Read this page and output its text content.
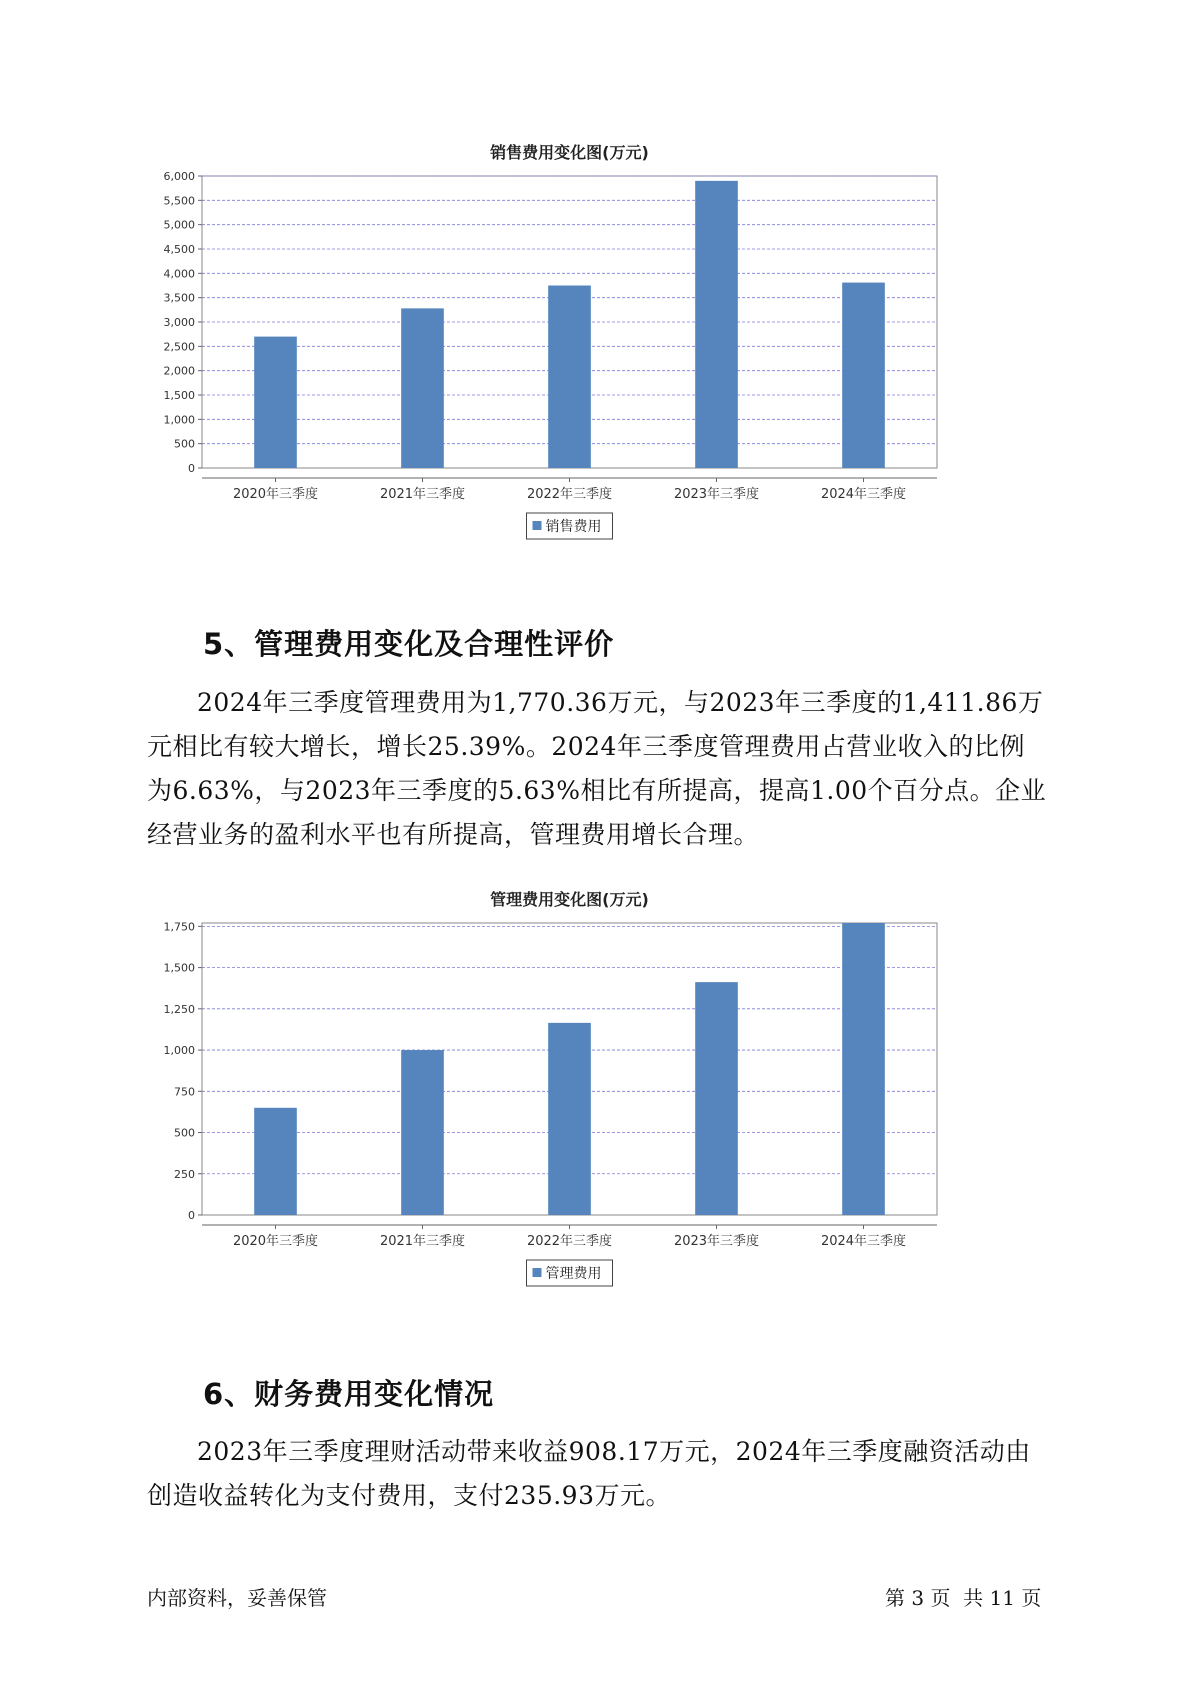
销售费用变化图(万元)
0
500
1,000
1,500
2,000
2,500
3,000
3,500
4,000
4,500
5,000
5,500
6,000
2020年三季度	2021年三季度	2022年三季度	2023年三季度	2024年三季度
销售费用
5、管理费用变化及合理性评价

2024年三季度管理费用为1,770.36万元，与2023年三季度的1,411.86万元相比有较大增长，增长25.39%。2024年三季度管理费用占营业收入的比例为6.63%，与2023年三季度的5.63%相比有所提高，提高1.00个百分点。企业经营业务的盈利水平也有所提高，管理费用增长合理。

管理费用变化图(万元)
0
250
500
750
1,000
1,250
1,500
1,750
2020年三季度	2021年三季度	2022年三季度	2023年三季度	2024年三季度
管理费用
6、财务费用变化情况

2023年三季度理财活动带来收益908.17万元，2024年三季度融资活动由创造收益转化为支付费用，支付235.93万元。

内部资料，妥善保管	第 3 页  共 11 页
